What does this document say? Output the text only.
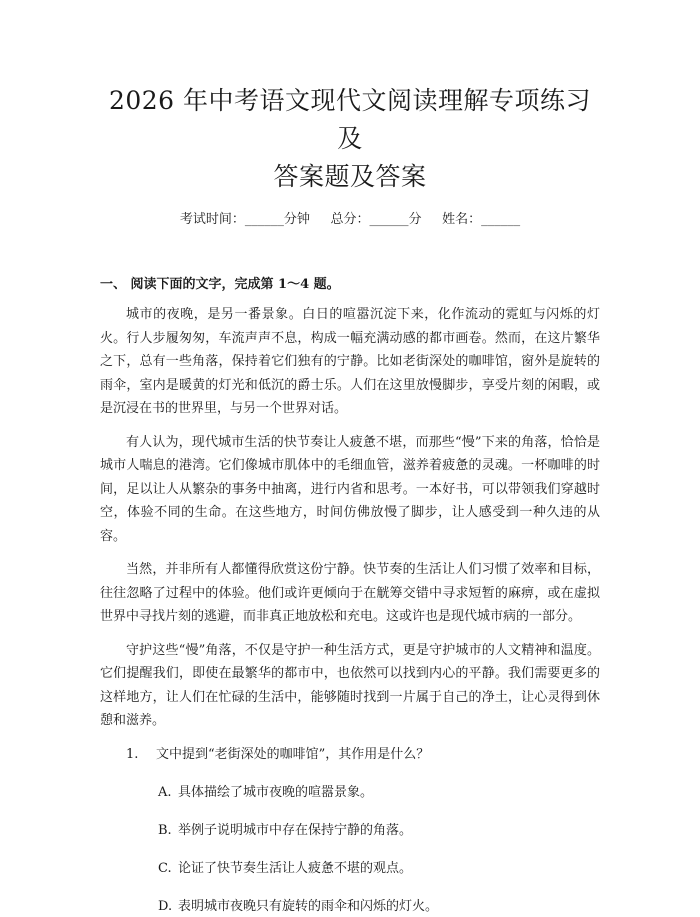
2026 年中考语文现代文阅读理解专项练习及
答案题及答案
考试时间：______分钟     总分：______分     姓名：______
一、 阅读下面的文字，完成第 1～4 题。

城市的夜晚，是另一番景象。白日的喧嚣沉淀下来，化作流动的霓虹与闪烁的灯火。行人步履匆匆，车流声声不息，构成一幅充满动感的都市画卷。然而，在这片繁华之下，总有一些角落，保持着它们独有的宁静。比如老街深处的咖啡馆，窗外是旋转的雨伞，室内是暖黄的灯光和低沉的爵士乐。人们在这里放慢脚步，享受片刻的闲暇，或是沉浸在书的世界里，与另一个世界对话。

有人认为，现代城市生活的快节奏让人疲惫不堪，而那些“慢”下来的角落，恰恰是城市人喘息的港湾。它们像城市肌体中的毛细血管，滋养着疲惫的灵魂。一杯咖啡的时间，足以让人从繁杂的事务中抽离，进行内省和思考。一本好书，可以带领我们穿越时空，体验不同的生命。在这些地方，时间仿佛放慢了脚步，让人感受到一种久违的从容。

当然，并非所有人都懂得欣赏这份宁静。快节奏的生活让人们习惯了效率和目标，往往忽略了过程中的体验。他们或许更倾向于在觥筹交错中寻求短暂的麻痹，或在虚拟世界中寻找片刻的逃避，而非真正地放松和充电。这或许也是现代城市病的一部分。

守护这些“慢”角落，不仅是守护一种生活方式，更是守护城市的人文精神和温度。它们提醒我们，即使在最繁华的都市中，也依然可以找到内心的平静。我们需要更多的这样地方，让人们在忙碌的生活中，能够随时找到一片属于自己的净土，让心灵得到休憩和滋养。

1. 文中提到“老街深处的咖啡馆”，其作用是什么？
A. 具体描绘了城市夜晚的喧嚣景象。
B. 举例子说明城市中存在保持宁静的角落。
C. 论证了快节奏生活让人疲惫不堪的观点。
D. 表明城市夜晚只有旋转的雨伞和闪烁的灯火。
